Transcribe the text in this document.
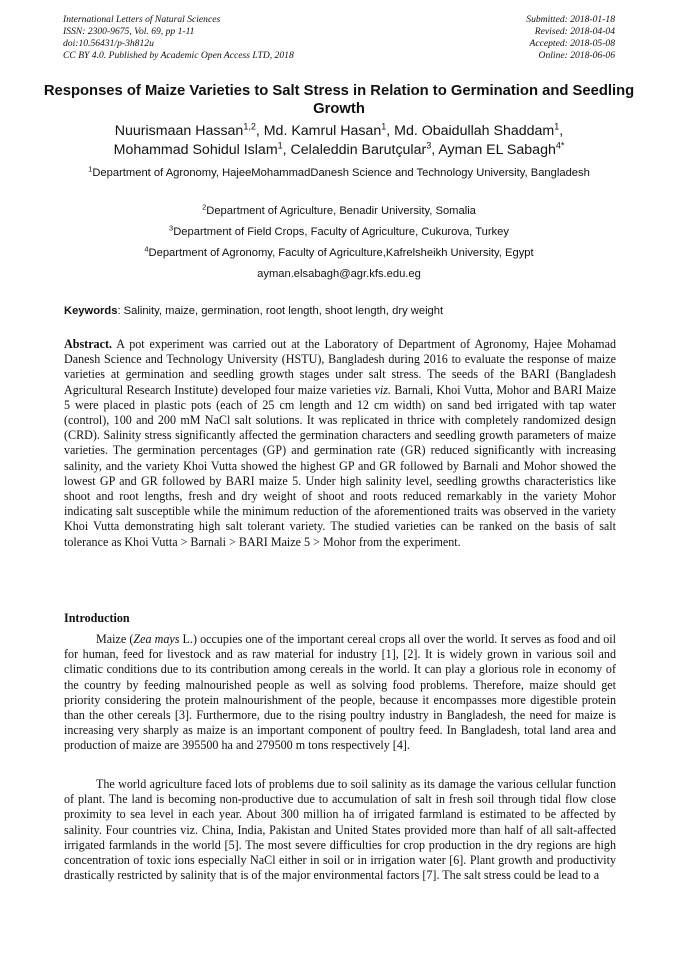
International Letters of Natural Sciences
ISSN: 2300-9675, Vol. 69, pp 1-11
doi:10.56431/p-3h812u
CC BY 4.0. Published by Academic Open Access LTD, 2018
Submitted: 2018-01-18
Revised: 2018-04-04
Accepted: 2018-05-08
Online: 2018-06-06
Responses of Maize Varieties to Salt Stress in Relation to Germination and Seedling Growth
Nuurismaan Hassan$^{1,2}$, Md. Kamrul Hasan$^1$, Md. Obaidullah Shaddam$^1$,
Mohammad Sohidul Islam$^1$, Celaleddin Barutçular$^3$, Ayman EL Sabagh$^{4*}$
$^1$Department of Agronomy, HajeeMohammadDanesh Science and Technology University, Bangladesh
$^2$Department of Agriculture, Benadir University, Somalia
$^3$Department of Field Crops, Faculty of Agriculture, Cukurova, Turkey
$^4$Department of Agronomy, Faculty of Agriculture,Kafrelsheikh University, Egypt
ayman.elsabagh@agr.kfs.edu.eg
Keywords: Salinity, maize, germination, root length, shoot length, dry weight
Abstract. A pot experiment was carried out at the Laboratory of Department of Agronomy, Hajee Mohamad Danesh Science and Technology University (HSTU), Bangladesh during 2016 to evaluate the response of maize varieties at germination and seedling growth stages under salt stress. The seeds of the BARI (Bangladesh Agricultural Research Institute) developed four maize varieties viz. Barnali, Khoi Vutta, Mohor and BARI Maize 5 were placed in plastic pots (each of 25 cm length and 12 cm width) on sand bed irrigated with tap water (control), 100 and 200 mM NaCl salt solutions. It was replicated in thrice with completely randomized design (CRD). Salinity stress significantly affected the germination characters and seedling growth parameters of maize varieties. The germination percentages (GP) and germination rate (GR) reduced significantly with increasing salinity, and the variety Khoi Vutta showed the highest GP and GR followed by Barnali and Mohor showed the lowest GP and GR followed by BARI maize 5. Under high salinity level, seedling growths characteristics like shoot and root lengths, fresh and dry weight of shoot and roots reduced remarkably in the variety Mohor indicating salt susceptible while the minimum reduction of the aforementioned traits was observed in the variety Khoi Vutta demonstrating high salt tolerant variety. The studied varieties can be ranked on the basis of salt tolerance as Khoi Vutta > Barnali > BARI Maize 5 > Mohor from the experiment.
Introduction

Maize (Zea mays L.) occupies one of the important cereal crops all over the world. It serves as food and oil for human, feed for livestock and as raw material for industry [1], [2]. It is widely grown in various soil and climatic conditions due to its contribution among cereals in the world. It can play a glorious role in economy of the country by feeding malnourished people as well as solving food problems. Therefore, maize should get priority considering the protein malnourishment of the people, because it encompasses more digestible protein than the other cereals [3]. Furthermore, due to the rising poultry industry in Bangladesh, the need for maize is increasing very sharply as maize is an important component of poultry feed. In Bangladesh, total land area and production of maize are 395500 ha and 279500 m tons respectively [4].

The world agriculture faced lots of problems due to soil salinity as its damage the various cellular function of plant. The land is becoming non-productive due to accumulation of salt in fresh soil through tidal flow close proximity to sea level in each year. About 300 million ha of irrigated farmland is estimated to be affected by salinity. Four countries viz. China, India, Pakistan and United States provided more than half of all salt-affected irrigated farmlands in the world [5]. The most severe difficulties for crop production in the dry regions are high concentration of toxic ions especially NaCl either in soil or in irrigation water [6]. Plant growth and productivity drastically restricted by salinity that is of the major environmental factors [7]. The salt stress could be lead to a
